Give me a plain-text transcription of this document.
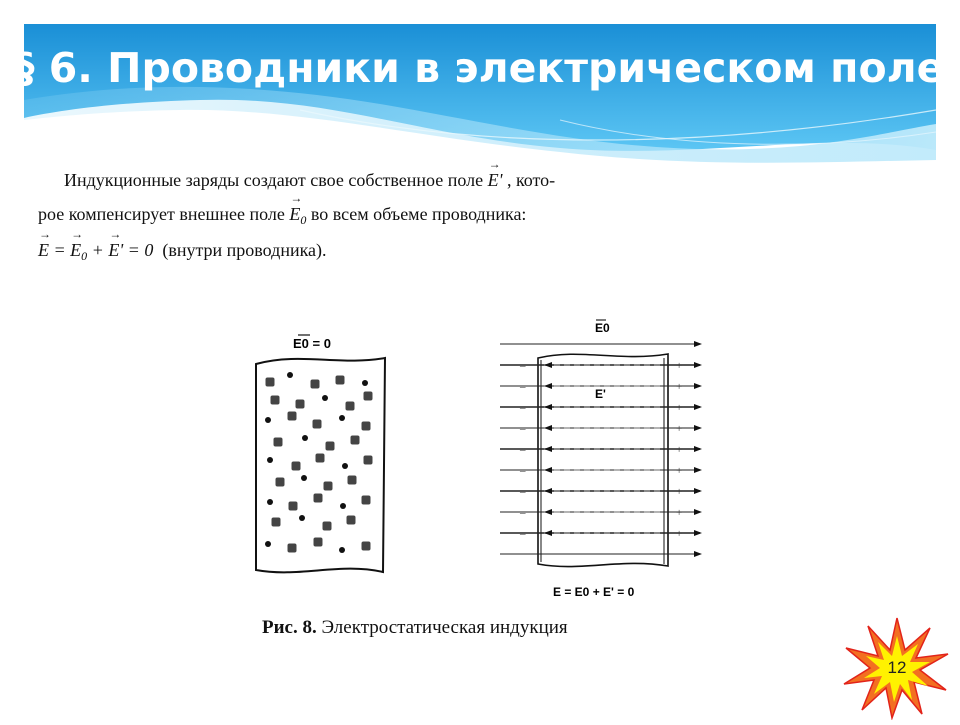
§ 6. Проводники в электрическом поле
Индукционные заряды создают свое собственное поле → E' , кото-
рое компенсирует внешнее поле → $E_0$ во всем объеме проводника:
→ E = → $E_0$ + → E' = 0 (внутри проводника).
E0 = 0
E0
E'
E = E0 + E' = 0
–	+
–	+
–	+
–	+
–	+
–	+
–	+
–	+
–	+
Рис. 8. Электростатическая индукция
12
